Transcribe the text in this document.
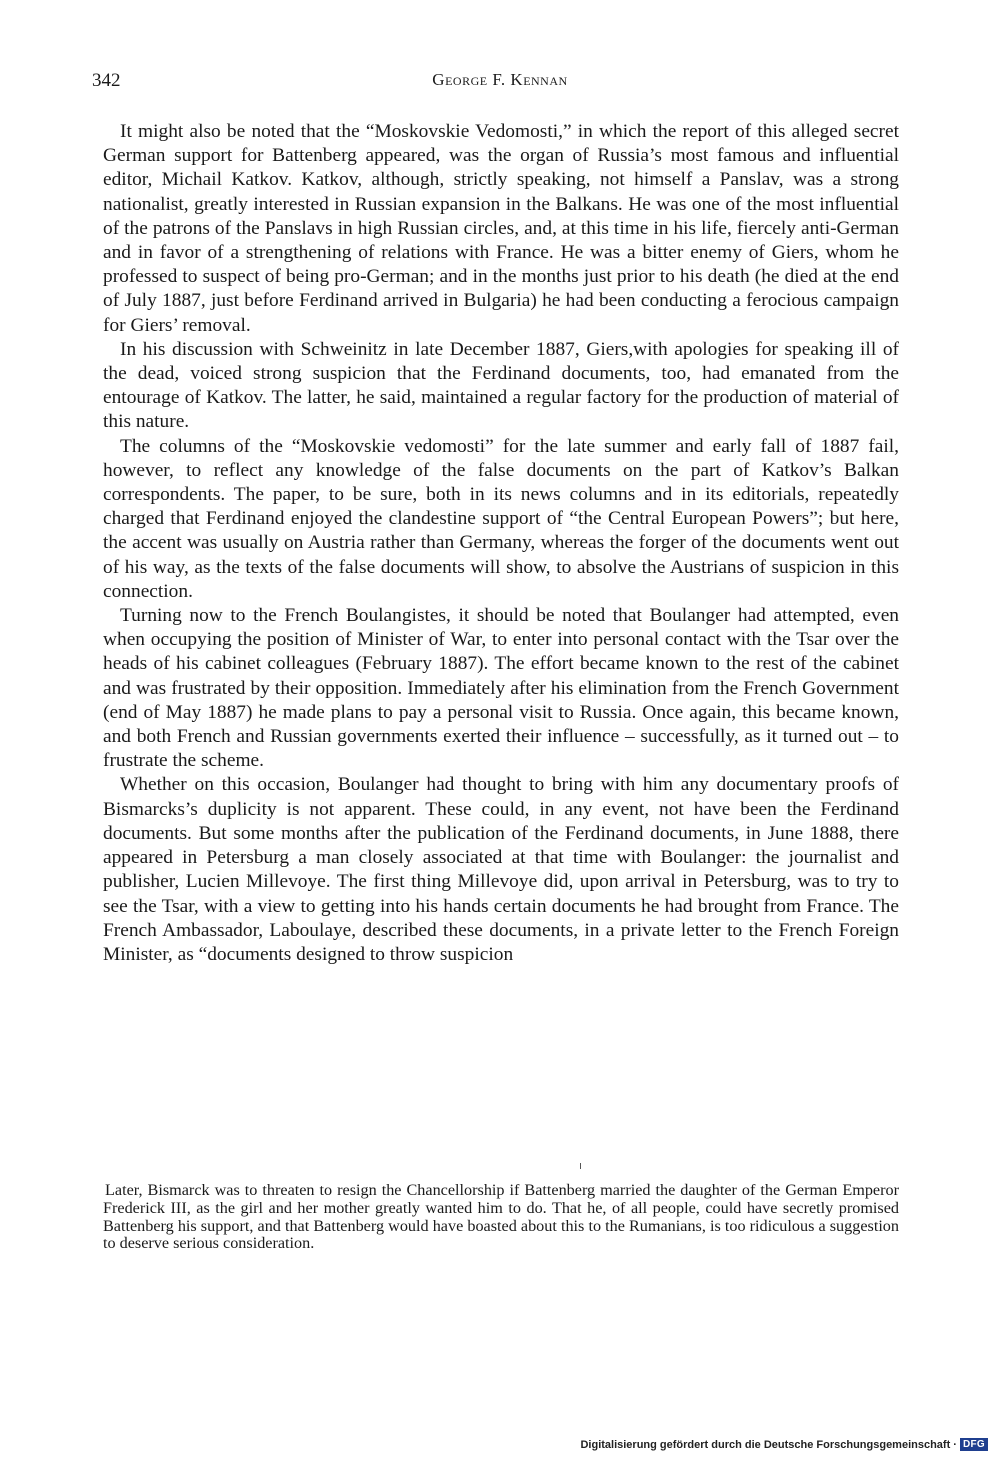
342	George F. Kennan

It might also be noted that the “Moskovskie Vedomosti,” in which the report of this alleged secret German support for Battenberg appeared, was the organ of Russia’s most famous and influential editor, Michail Katkov. Katkov, although, strictly speaking, not himself a Panslav, was a strong nationalist, greatly interested in Russian expansion in the Balkans. He was one of the most influential of the patrons of the Panslavs in high Russian circles, and, at this time in his life, fiercely anti-German and in favor of a strengthening of relations with France. He was a bitter enemy of Giers, whom he professed to suspect of being pro-German; and in the months just prior to his death (he died at the end of July 1887, just before Ferdinand arrived in Bulgaria) he had been conducting a ferocious campaign for Giers’ removal.

In his discussion with Schweinitz in late December 1887, Giers,with apologies for speaking ill of the dead, voiced strong suspicion that the Ferdinand documents, too, had emanated from the entourage of Katkov. The latter, he said, maintained a regular factory for the production of material of this nature.

The columns of the “Moskovskie vedomosti” for the late summer and early fall of 1887 fail, however, to reflect any knowledge of the false documents on the part of Katkov’s Balkan correspondents. The paper, to be sure, both in its news columns and in its editorials, repeatedly charged that Ferdinand enjoyed the clandestine support of “the Central European Powers”; but here, the accent was usually on Austria rather than Germany, whereas the forger of the documents went out of his way, as the texts of the false documents will show, to absolve the Austrians of suspicion in this connection.

Turning now to the French Boulangistes, it should be noted that Boulanger had attempted, even when occupying the position of Minister of War, to enter into personal contact with the Tsar over the heads of his cabinet colleagues (February 1887). The effort became known to the rest of the cabinet and was frustrated by their opposition. Immediately after his elimination from the French Government (end of May 1887) he made plans to pay a personal visit to Russia. Once again, this became known, and both French and Russian governments exerted their influence – successfully, as it turned out – to frustrate the scheme.

Whether on this occasion, Boulanger had thought to bring with him any documentary proofs of Bismarcks’s duplicity is not apparent. These could, in any event, not have been the Ferdinand documents. But some months after the publication of the Ferdinand documents, in June 1888, there appeared in Petersburg a man closely associated at that time with Boulanger: the journalist and publisher, Lucien Millevoye. The first thing Millevoye did, upon arrival in Petersburg, was to try to see the Tsar, with a view to getting into his hands certain documents he had brought from France. The French Ambassador, Laboulaye, described these documents, in a private letter to the French Foreign Minister, as “documents designed to throw suspicion

Later, Bismarck was to threaten to resign the Chancellorship if Battenberg married the daughter of the German Emperor Frederick III, as the girl and her mother greatly wanted him to do. That he, of all people, could have secretly promised Battenberg his support, and that Battenberg would have boasted about this to the Rumanians, is too ridiculous a suggestion to deserve serious consideration.

Digitalisierung gefördert durch die Deutsche Forschungsgemeinschaft · DFG
